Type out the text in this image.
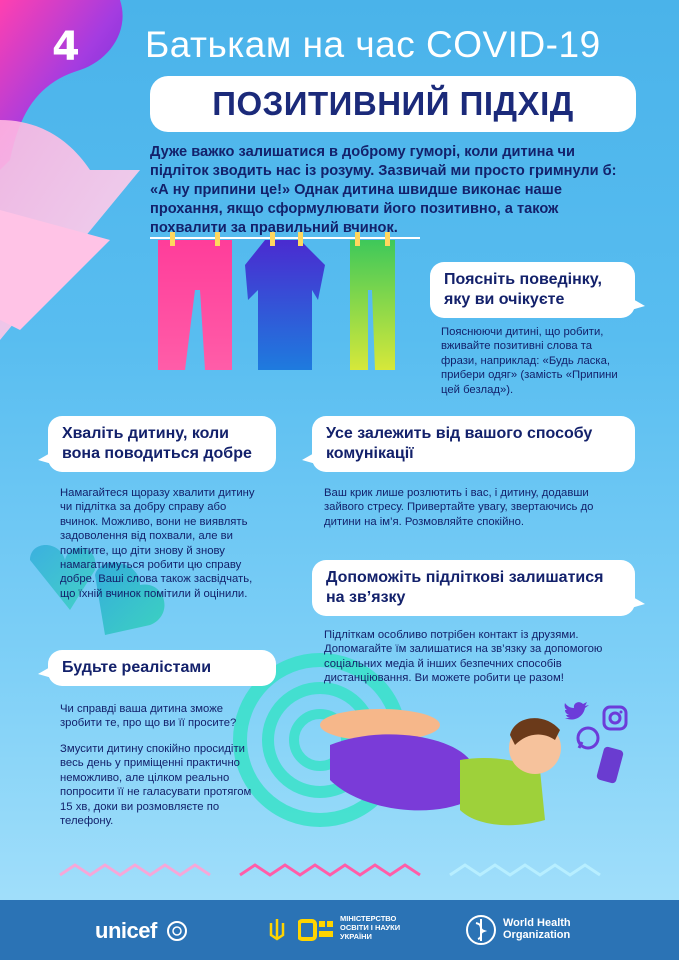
4 Батькам на час COVID-19
ПОЗИТИВНИЙ ПІДХІД
Дуже важко залишатися в доброму гуморі, коли дитина чи підліток зводить нас із розуму. Зазвичай ми просто гримнули б: «А ну припини це!» Однак дитина швидше виконає наше прохання, якщо сформулювати його позитивно, а також похвалити за правильний вчинок.
Поясніть поведінку, яку ви очікуєте
Пояснюючи дитині, що робити, вживайте позитивні слова та фрази, наприклад: «Будь ласка, прибери одяг» (замість «Припини цей безлад»).
Хваліть дитину, коли вона поводиться добре
Намагайтеся щоразу хвалити дитину чи підлітка за добру справу або вчинок. Можливо, вони не виявлять задоволення від похвали, але ви помітите, що діти знову й знову намагатимуться робити цю справу добре. Ваші слова також засвідчать, що їхній вчинок помітили й оцінили.
Усе залежить від вашого способу комунікації
Ваш крик лише розлютить і вас, і дитину, додавши зайвого стресу. Привертайте увагу, звертаючись до дитини на ім’я. Розмовляйте спокійно.
Допоможіть підліткові залишатися на зв’язку
Підліткам особливо потрібен контакт із друзями. Допомагайте їм залишатися на зв’язку за допомогою соціальних медіа й інших безпечних способів дистанціювання. Ви можете робити це разом!
Будьте реалістами
Чи справді ваша дитина зможе зробити те, про що ви її просите?
Змусити дитину спокійно просидіти весь день у приміщенні практично неможливо, але цілком реально попросити її не галасувати протягом 15 хв, доки ви розмовляєте по телефону.
unicef	МІНІСТЕРСТВО
ОСВІТИ І НАУКИ
УКРАЇНИ
World Health
Organization
